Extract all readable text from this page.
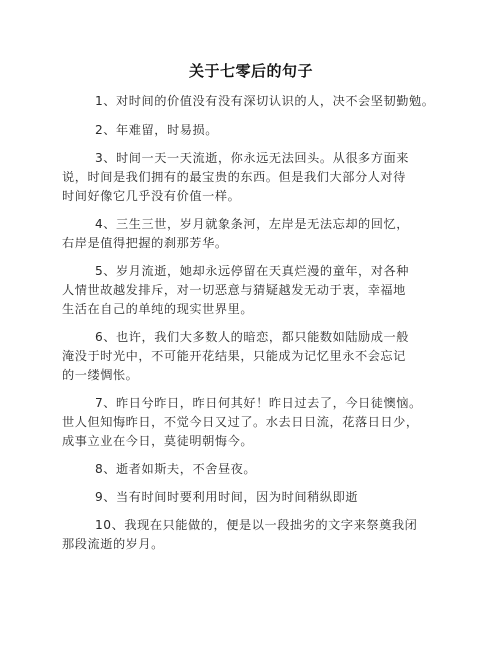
关于七零后的句子
1、对时间的价值没有没有深切认识的人，决不会坚韧勤勉。
2、年难留，时易损。
3、时间一天一天流逝，你永远无法回头。从很多方面来
说，时间是我们拥有的最宝贵的东西。但是我们大部分人对待
时间好像它几乎没有价值一样。
4、三生三世，岁月就象条河，左岸是无法忘却的回忆，
右岸是值得把握的刹那芳华。
5、岁月流逝，她却永远停留在天真烂漫的童年，对各种
人情世故越发排斥，对一切恶意与猜疑越发无动于衷，幸福地
生活在自己的单纯的现实世界里。
6、也许，我们大多数人的暗恋，都只能数如陆励成一般
淹没于时光中，不可能开花结果，只能成为记忆里永不会忘记
的一缕惆怅。
7、昨日兮昨日，昨日何其好！昨日过去了，今日徒懊恼。
世人但知悔昨日，不觉今日又过了。水去日日流，花落日日少，
成事立业在今日，莫徒明朝悔今。
8、逝者如斯夫，不舍昼夜。
9、当有时间时要利用时间，因为时间稍纵即逝
10、我现在只能做的，便是以一段拙劣的文字来祭奠我闭
那段流逝的岁月。
